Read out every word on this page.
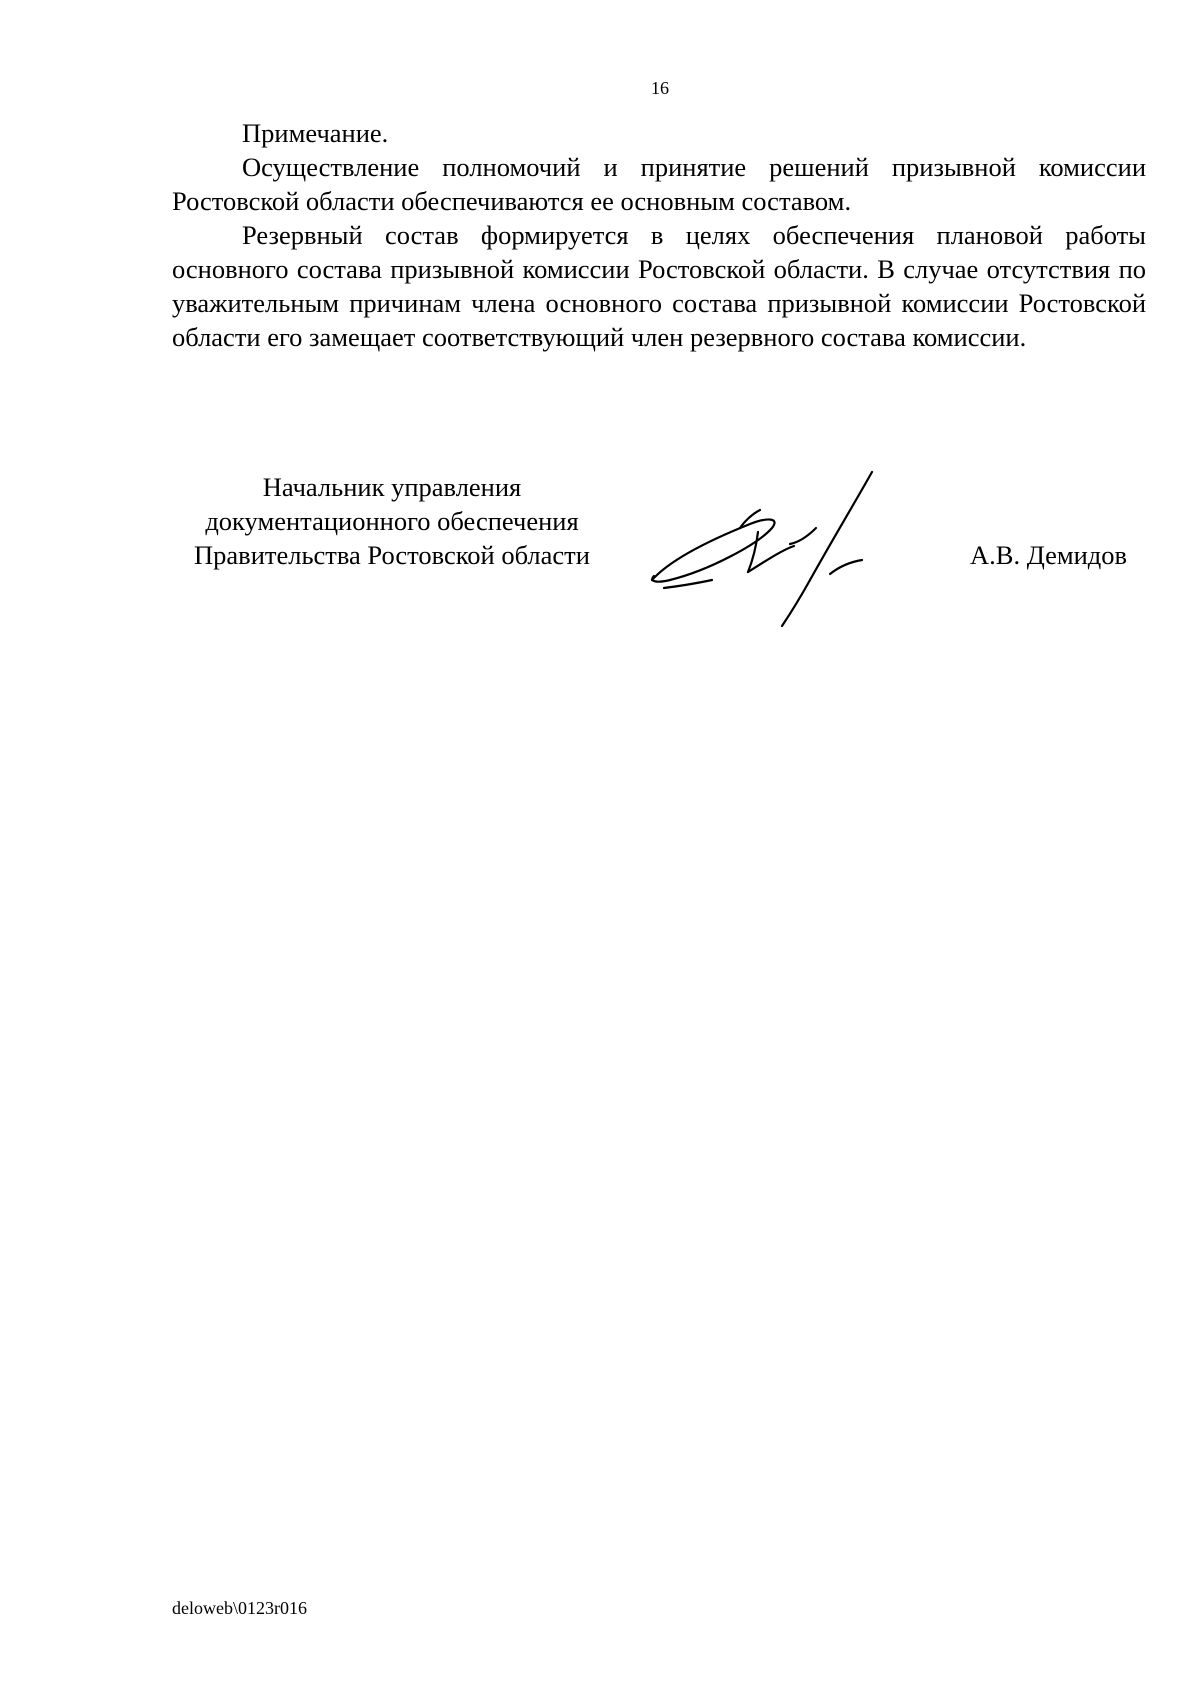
16

Примечание.

Осуществление полномочий и принятие решений призывной комиссии Ростовской области обеспечиваются ее основным составом.

Резервный состав формируется в целях обеспечения плановой работы основного состава призывной комиссии Ростовской области. В случае отсутствия по уважительным причинам члена основного состава призывной комиссии Ростовской области его замещает соответствующий член резервного состава комиссии.

Начальник управления
документационного обеспечения
Правительства Ростовской области	А.В. Демидов
deloweb\0123r016
